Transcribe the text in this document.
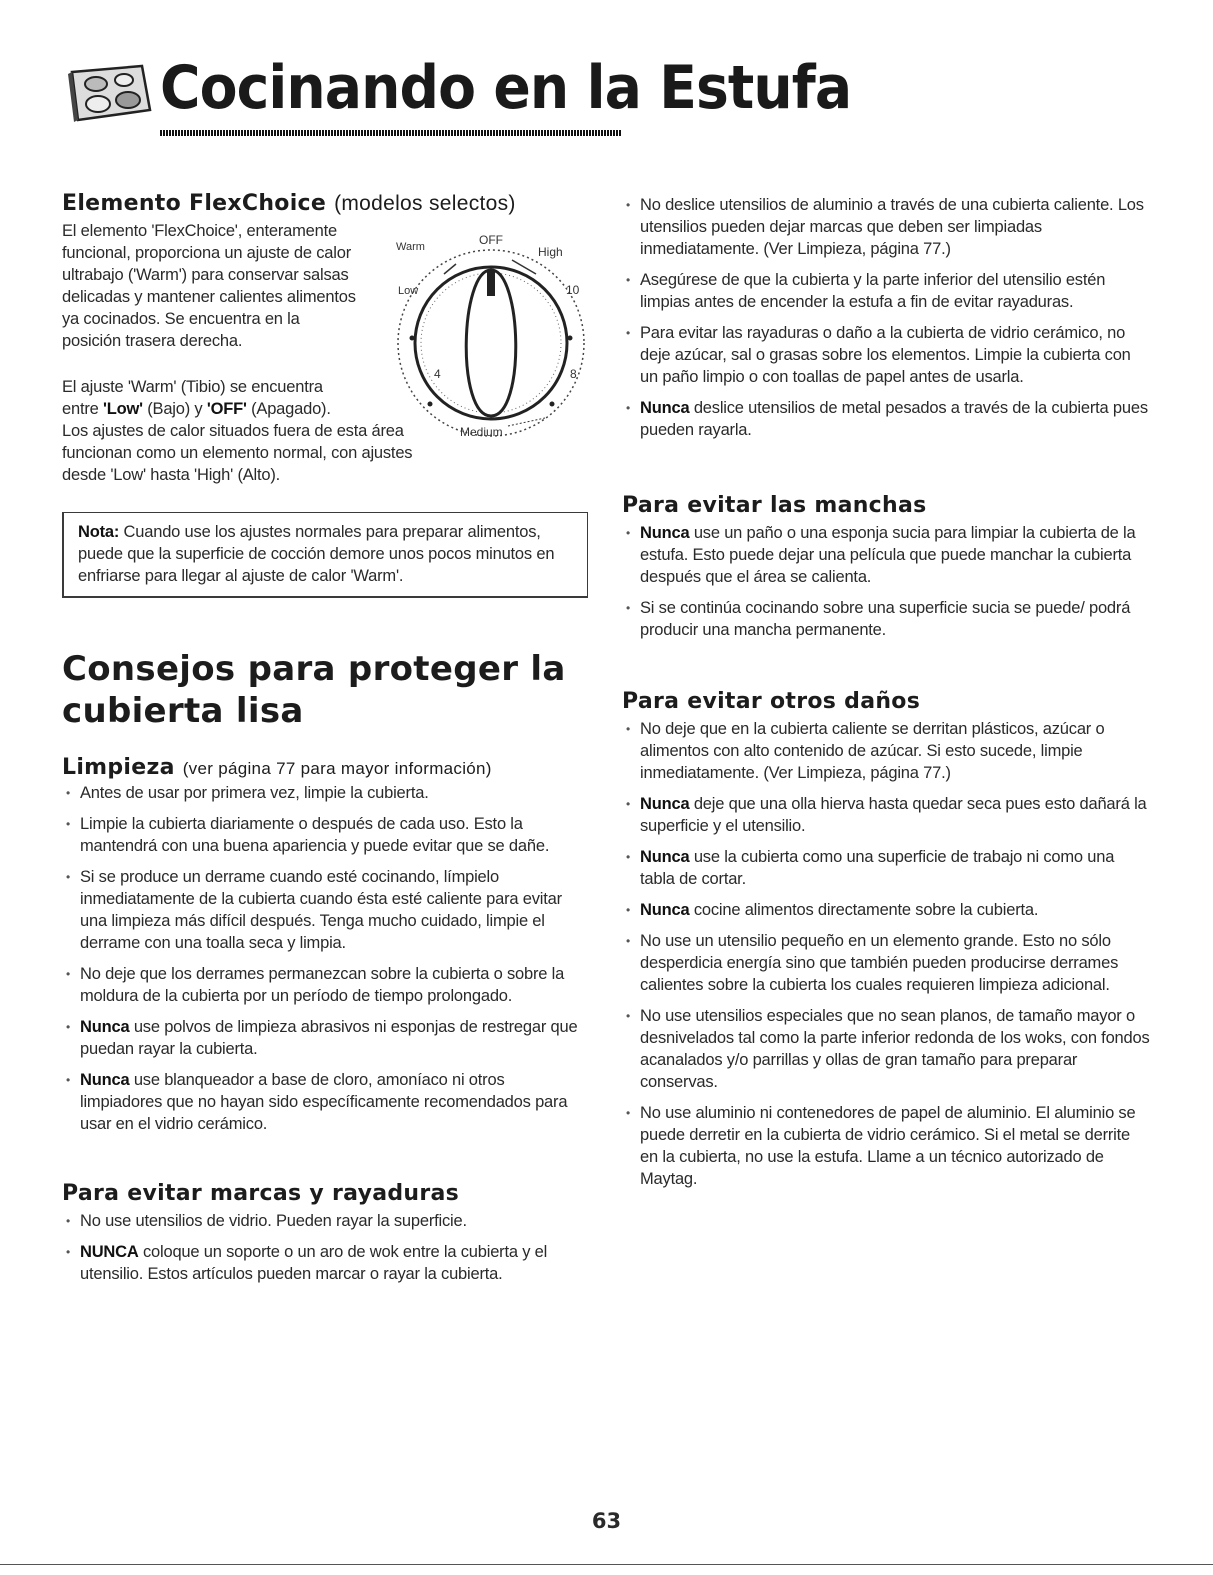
Cocinando en la Estufa
Elemento FlexChoice (modelos selectos)

El elemento 'FlexChoice', enteramente funcional, proporciona un ajuste de calor ultrabajo ('Warm') para conservar salsas delicadas y mantener calientes alimentos ya cocinados. Se encuentra en la posición trasera derecha.

El ajuste 'Warm' (Tibio) se encuentra entre 'Low' (Bajo) y 'OFF' (Apagado).

Los ajustes de calor situados fuera de esta área funcionan como un elemento normal, con ajustes desde 'Low' hasta 'High' (Alto).

OFF
Warm	High
Low	10
4	8
Medium
Nota: Cuando use los ajustes normales para preparar alimentos, puede que la superficie de cocción demore unos pocos minutos en enfriarse para llegar al ajuste de calor 'Warm'.
Consejos para proteger la
cubierta lisa
Limpieza (ver página 77 para mayor información)
• Antes de usar por primera vez, limpie la cubierta.
• Limpie la cubierta diariamente o después de cada uso. Esto la mantendrá con una buena apariencia y puede evitar que se dañe.
• Si se produce un derrame cuando esté cocinando, límpielo inmediatamente de la cubierta cuando ésta esté caliente para evitar una limpieza más difícil después. Tenga mucho cuidado, limpie el derrame con una toalla seca y limpia.
• No deje que los derrames permanezcan sobre la cubierta o sobre la moldura de la cubierta por un período de tiempo prolongado.
• Nunca use polvos de limpieza abrasivos ni esponjas de restregar que puedan rayar la cubierta.
• Nunca use blanqueador a base de cloro, amoníaco ni otros limpiadores que no hayan sido específicamente recomendados para usar en el vidrio cerámico.
Para evitar marcas y rayaduras
• No use utensilios de vidrio. Pueden rayar la superficie.
• NUNCA coloque un soporte o un aro de wok entre la cubierta y el utensilio. Estos artículos pueden marcar o rayar la cubierta.
• No deslice utensilios de aluminio a través de una cubierta caliente. Los utensilios pueden dejar marcas que deben ser limpiadas inmediatamente. (Ver Limpieza, página 77.)
• Asegúrese de que la cubierta y la parte inferior del utensilio estén limpias antes de encender la estufa a fin de evitar rayaduras.
• Para evitar las rayaduras o daño a la cubierta de vidrio cerámico, no deje azúcar, sal o grasas sobre los elementos. Limpie la cubierta con un paño limpio o con toallas de papel antes de usarla.
• Nunca deslice utensilios de metal pesados a través de la cubierta pues pueden rayarla.
Para evitar las manchas
• Nunca use un paño o una esponja sucia para limpiar la cubierta de la estufa. Esto puede dejar una película que puede manchar la cubierta después que el área se calienta.
• Si se continúa cocinando sobre una superficie sucia se puede/ podrá producir una mancha permanente.
Para evitar otros daños
• No deje que en la cubierta caliente se derritan plásticos, azúcar o alimentos con alto contenido de azúcar. Si esto sucede, limpie inmediatamente. (Ver Limpieza, página 77.)
• Nunca deje que una olla hierva hasta quedar seca pues esto dañará la superficie y el utensilio.
• Nunca use la cubierta como una superficie de trabajo ni como una tabla de cortar.
• Nunca cocine alimentos directamente sobre la cubierta.
• No use un utensilio pequeño en un elemento grande. Esto no sólo desperdicia energía sino que también pueden producirse derrames calientes sobre la cubierta los cuales requieren limpieza adicional.
• No use utensilios especiales que no sean planos, de tamaño mayor o desnivelados tal como la parte inferior redonda de los woks, con fondos acanalados y/o parrillas y ollas de gran tamaño para preparar conservas.
• No use aluminio ni contenedores de papel de aluminio. El aluminio se puede derretir en la cubierta de vidrio cerámico. Si el metal se derrite en la cubierta, no use la estufa. Llame a un técnico autorizado de Maytag.
63
